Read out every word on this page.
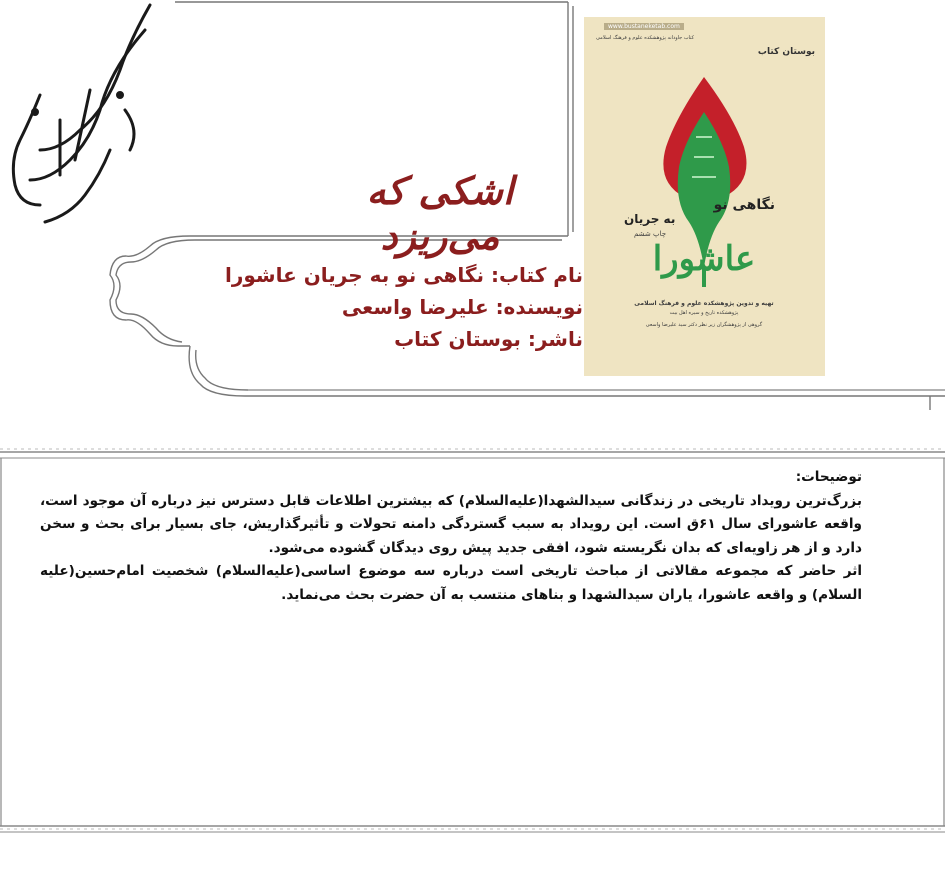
اشکی که می‌ریزد
نام کتاب: نگاهی نو به جریان عاشورا
نویسنده: علیرضا واسعی
ناشر: بوستان کتاب
www.bustaneketab.com
کتاب جاودانه پژوهشکده علوم و فرهنگ اسلامی
بوستان کتاب
نگاهی نو
به جریان
چاپ ششم
عاشورا
تهیه و تدوین پژوهشکده علوم و فرهنگ اسلامی
پژوهشکده تاریخ و سیره اهل بیت
گروهی از پژوهشگران زیر نظر دکتر سید علیرضا واسعی

توضیحات:

بزرگ‌ترین رویداد تاریخی در زندگانی سیدالشهدا(علیه‌السلام) که بیشترین اطلاعات قابل دسترس نیز درباره آن موجود است، واقعه عاشورای سال ۶۱ق است. این رویداد به سبب گستردگی دامنه تحولات و تأثیرگذاریش، جای بسیار برای بحث و سخن دارد و از هر زاویه‌ای که بدان نگریسته شود، افقی جدید پیش روی دیدگان گشوده می‌شود.

اثر حاضر که مجموعه مقالاتی از مباحث تاریخی است درباره سه موضوع اساسی(علیه‌السلام) شخصیت امام‌حسین(علیه السلام) و واقعه عاشورا، یاران سیدالشهدا و بناهای منتسب به آن حضرت بحث می‌نماید.
